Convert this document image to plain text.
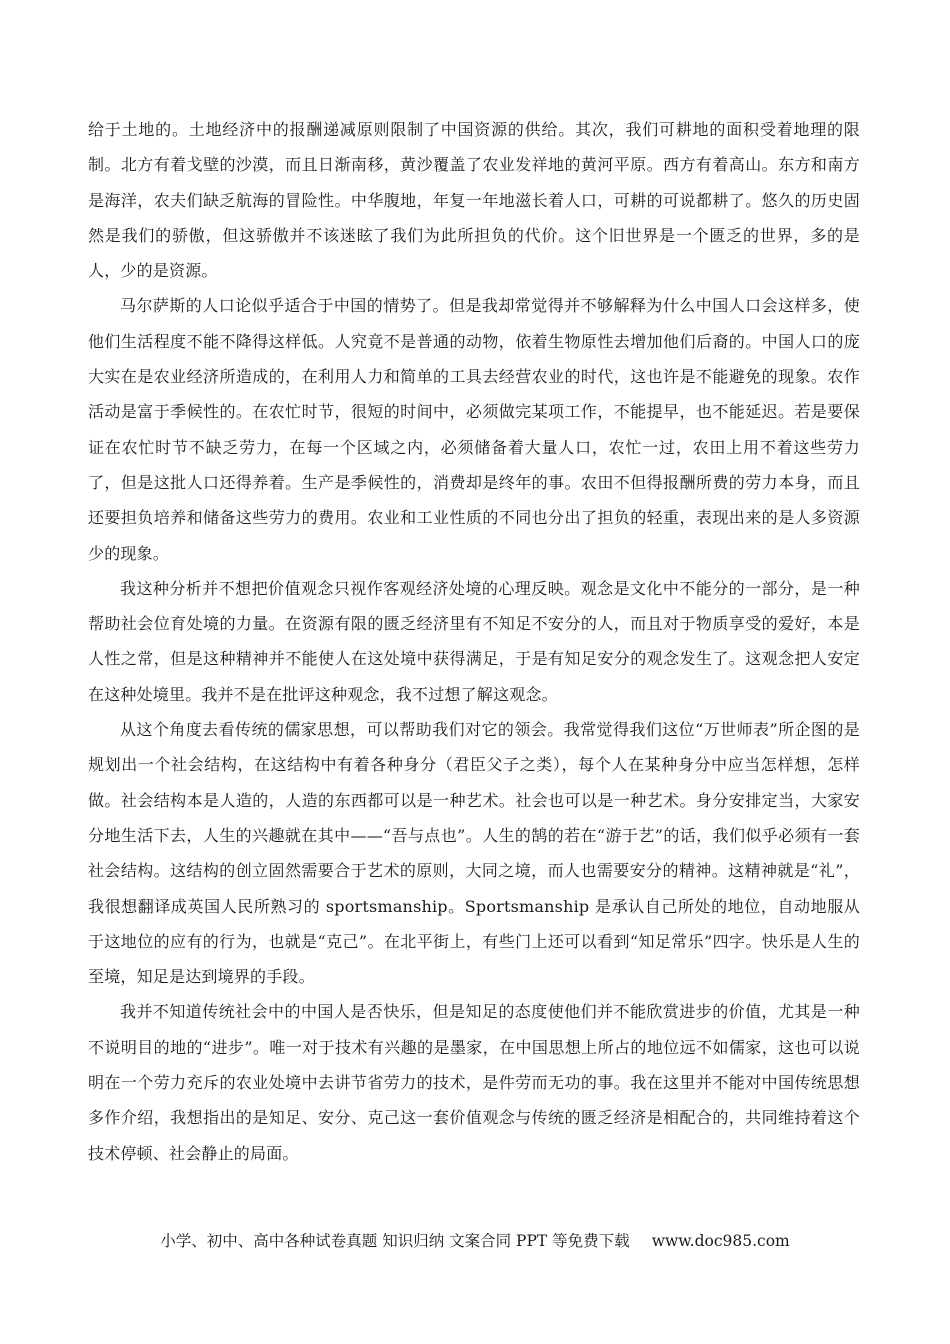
给于土地的。土地经济中的报酬递减原则限制了中国资源的供给。其次，我们可耕地的面积受着地理的限制。北方有着戈壁的沙漠，而且日渐南移，黄沙覆盖了农业发祥地的黄河平原。西方有着高山。东方和南方是海洋，农夫们缺乏航海的冒险性。中华腹地，年复一年地滋长着人口，可耕的可说都耕了。悠久的历史固然是我们的骄傲，但这骄傲并不该迷眩了我们为此所担负的代价。这个旧世界是一个匮乏的世界，多的是人，少的是资源。

马尔萨斯的人口论似乎适合于中国的情势了。但是我却常觉得并不够解释为什么中国人口会这样多，使他们生活程度不能不降得这样低。人究竟不是普通的动物，依着生物原性去增加他们后裔的。中国人口的庞大实在是农业经济所造成的，在利用人力和简单的工具去经营农业的时代，这也许是不能避免的现象。农作活动是富于季候性的。在农忙时节，很短的时间中，必须做完某项工作，不能提早，也不能延迟。若是要保证在农忙时节不缺乏劳力，在每一个区域之内，必须储备着大量人口，农忙一过，农田上用不着这些劳力了，但是这批人口还得养着。生产是季候性的，消费却是终年的事。农田不但得报酬所费的劳力本身，而且还要担负培养和储备这些劳力的费用。农业和工业性质的不同也分出了担负的轻重，表现出来的是人多资源少的现象。

我这种分析并不想把价值观念只视作客观经济处境的心理反映。观念是文化中不能分的一部分，是一种帮助社会位育处境的力量。在资源有限的匮乏经济里有不知足不安分的人，而且对于物质享受的爱好，本是人性之常，但是这种精神并不能使人在这处境中获得满足，于是有知足安分的观念发生了。这观念把人安定在这种处境里。我并不是在批评这种观念，我不过想了解这观念。

从这个角度去看传统的儒家思想，可以帮助我们对它的领会。我常觉得我们这位“万世师表”所企图的是规划出一个社会结构，在这结构中有着各种身分（君臣父子之类），每个人在某种身分中应当怎样想，怎样做。社会结构本是人造的，人造的东西都可以是一种艺术。社会也可以是一种艺术。身分安排定当，大家安分地生活下去，人生的兴趣就在其中——“吾与点也”。人生的鹄的若在“游于艺”的话，我们似乎必须有一套社会结构。这结构的创立固然需要合于艺术的原则，大同之境，而人也需要安分的精神。这精神就是“礼”，我很想翻译成英国人民所熟习的 sportsmanship。Sportsmanship 是承认自己所处的地位，自动地服从于这地位的应有的行为，也就是“克己”。在北平街上，有些门上还可以看到“知足常乐”四字。快乐是人生的至境，知足是达到境界的手段。

我并不知道传统社会中的中国人是否快乐，但是知足的态度使他们并不能欣赏进步的价值，尤其是一种不说明目的地的“进步”。唯一对于技术有兴趣的是墨家，在中国思想上所占的地位远不如儒家，这也可以说明在一个劳力充斥的农业处境中去讲节省劳力的技术，是件劳而无功的事。我在这里并不能对中国传统思想多作介绍，我想指出的是知足、安分、克己这一套价值观念与传统的匮乏经济是相配合的，共同维持着这个技术停顿、社会静止的局面。

小学、初中、高中各种试卷真题 知识归纳 文案合同 PPT 等免费下载 www.doc985.com
